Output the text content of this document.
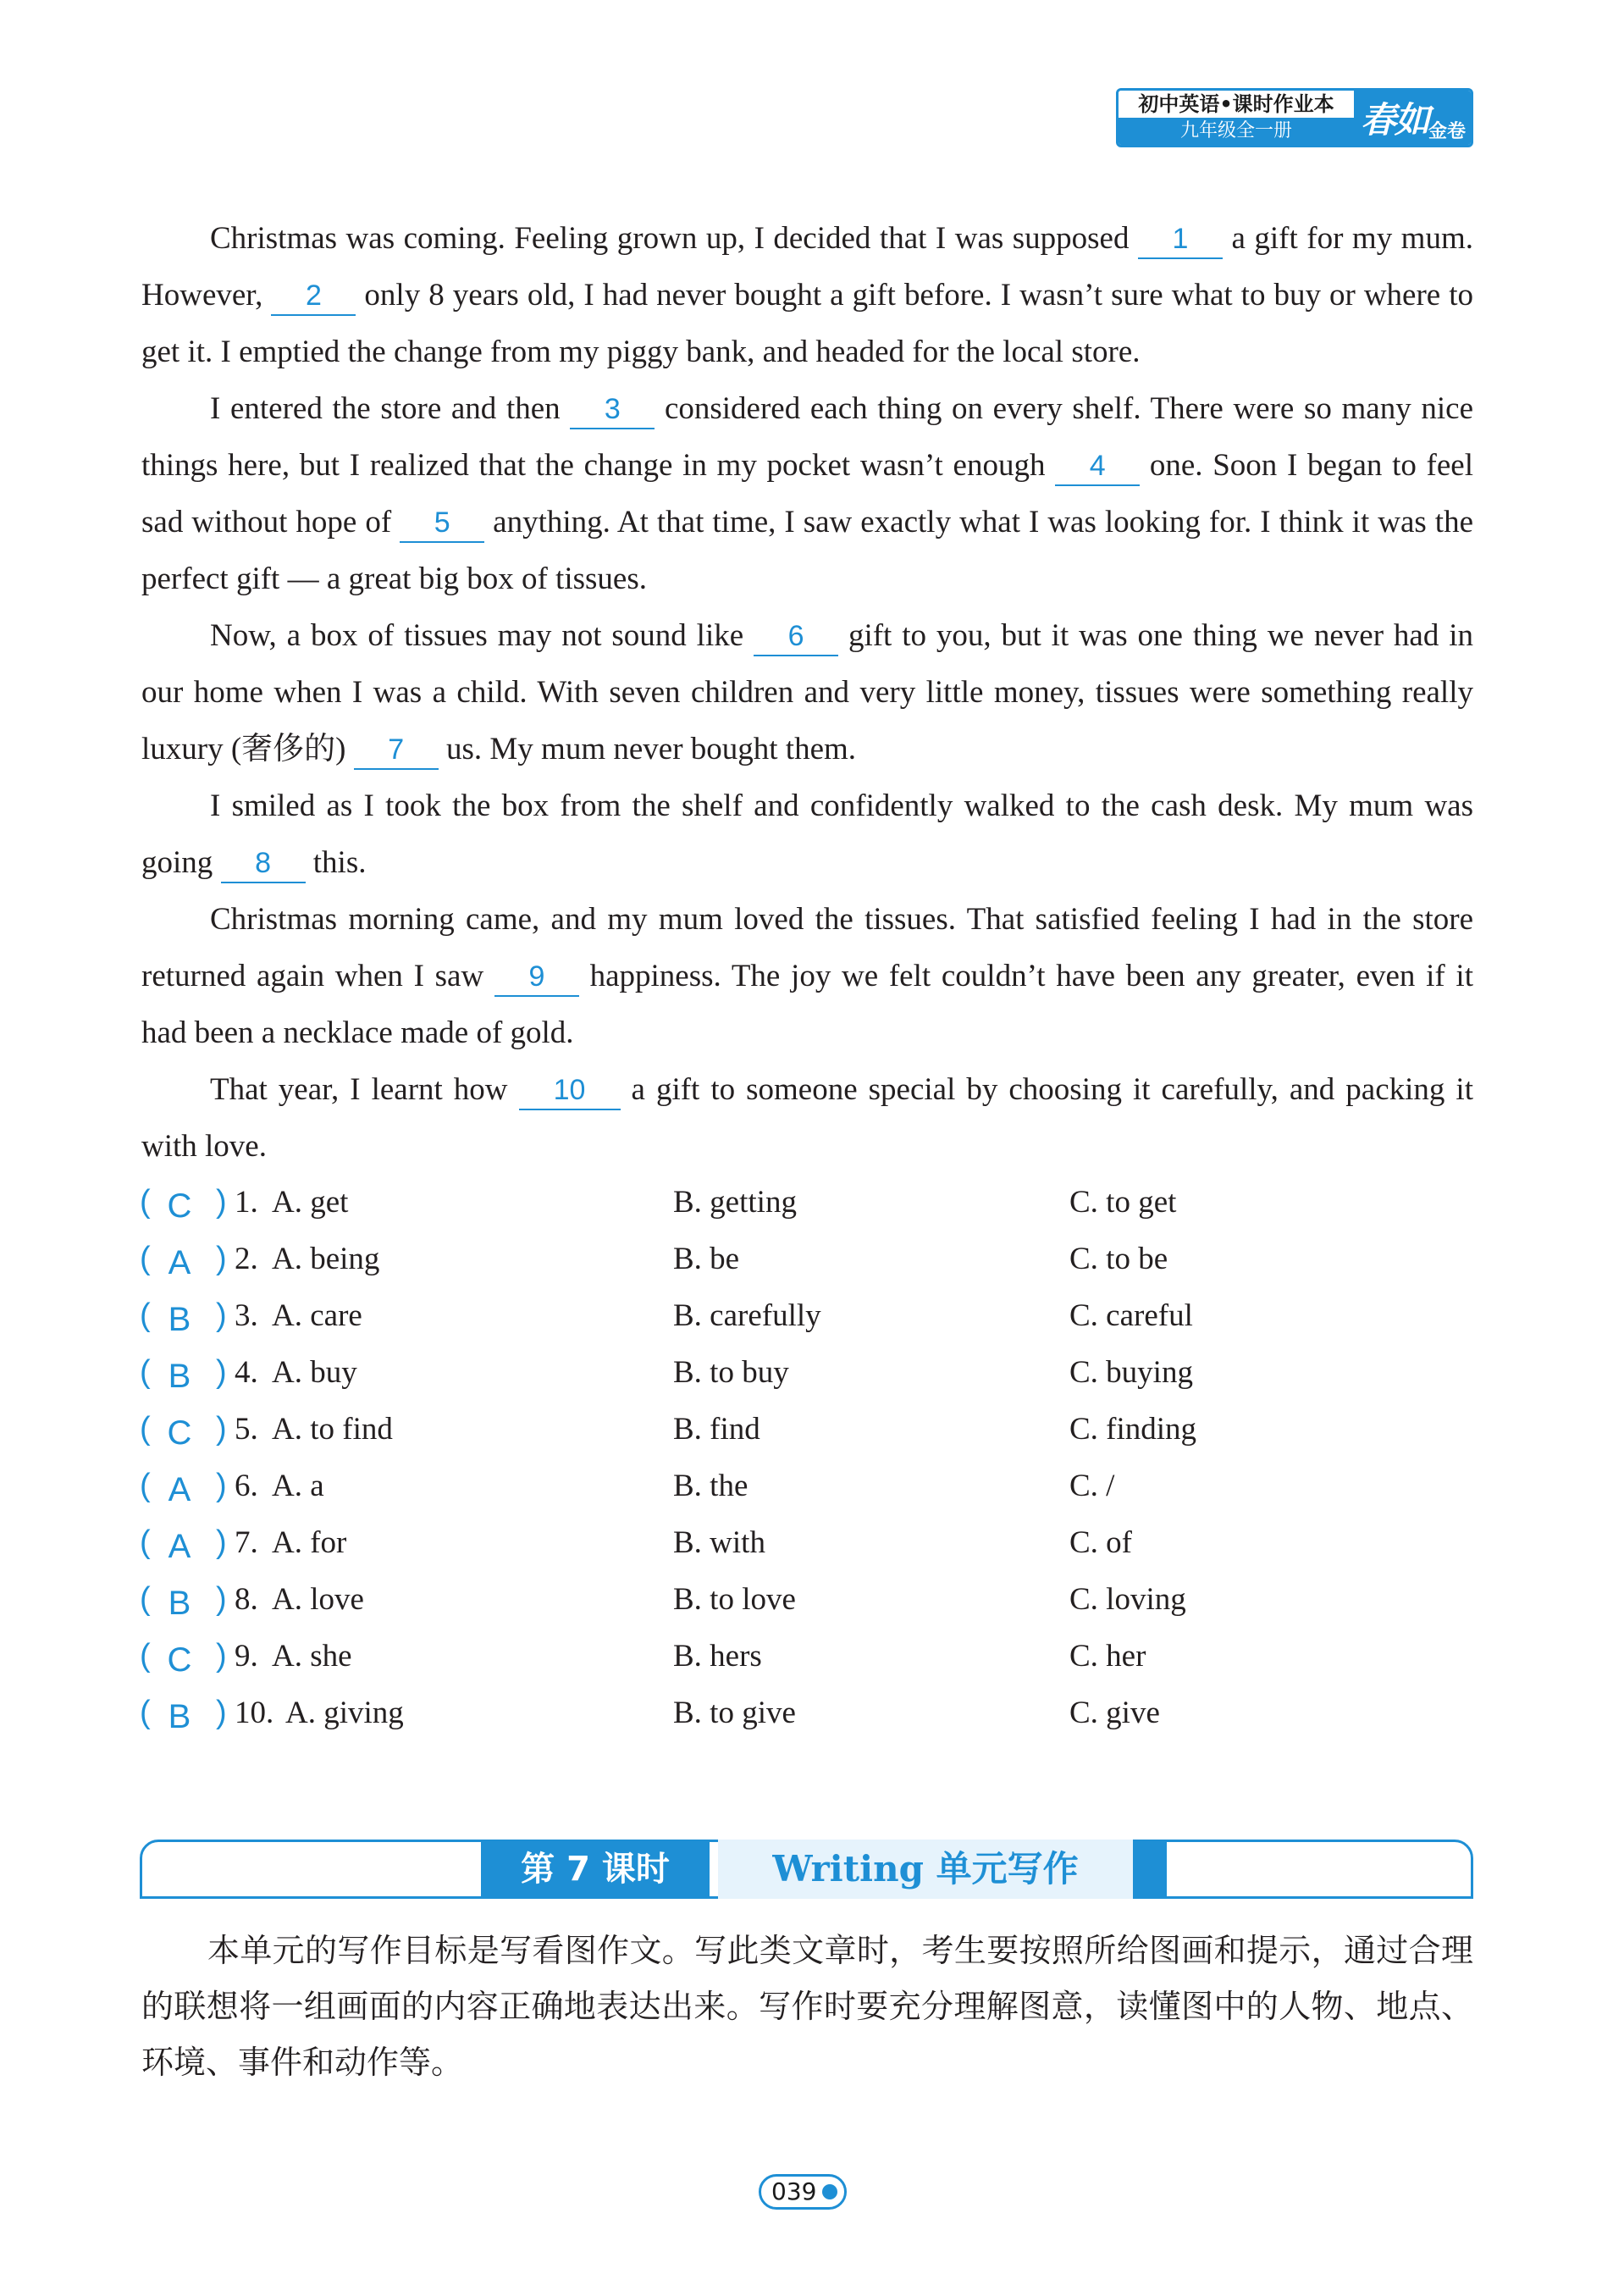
初中英语•课时作业本
九年级全一册	春如 金卷

Christmas was coming. Feeling grown up, I decided that I was supposed 1 a gift for my mum. However, 2 only 8 years old, I had never bought a gift before. I wasn’t sure what to buy or where to get it. I emptied the change from my piggy bank, and headed for the local store.

I entered the store and then 3 considered each thing on every shelf. There were so many nice things here, but I realized that the change in my pocket wasn’t enough 4 one. Soon I began to feel sad without hope of 5 anything. At that time, I saw exactly what I was looking for. I think it was the perfect gift — a great big box of tissues.

Now, a box of tissues may not sound like 6 gift to you, but it was one thing we never had in our home when I was a child. With seven children and very little money, tissues were something really luxury (奢侈的) 7 us. My mum never bought them.

I smiled as I took the box from the shelf and confidently walked to the cash desk. My mum was going 8 this.

Christmas morning came, and my mum loved the tissues. That satisfied feeling I had in the store returned again when I saw 9 happiness. The joy we felt couldn’t have been any greater, even if it had been a necklace made of gold.

That year, I learnt how 10 a gift to someone special by choosing it carefully, and packing it with love.

( C ) 1. A. get	B. getting	C. to get
( A ) 2. A. being	B. be	C. to be
( B ) 3. A. care	B. carefully	C. careful
( B ) 4. A. buy	B. to buy	C. buying
( C ) 5. A. to find	B. find	C. finding
( A ) 6. A. a	B. the	C. /
( A ) 7. A. for	B. with	C. of
( B ) 8. A. love	B. to love	C. loving
( C ) 9. A. she	B. hers	C. her
( B ) 10. A. giving	B. to give	C. give
第 7 课时	Writing 单元写作

本单元的写作目标是写看图作文。写此类文章时，考生要按照所给图画和提示，通过合理的联想将一组画面的内容正确地表达出来。写作时要充分理解图意，读懂图中的人物、地点、环境、事件和动作等。

039
